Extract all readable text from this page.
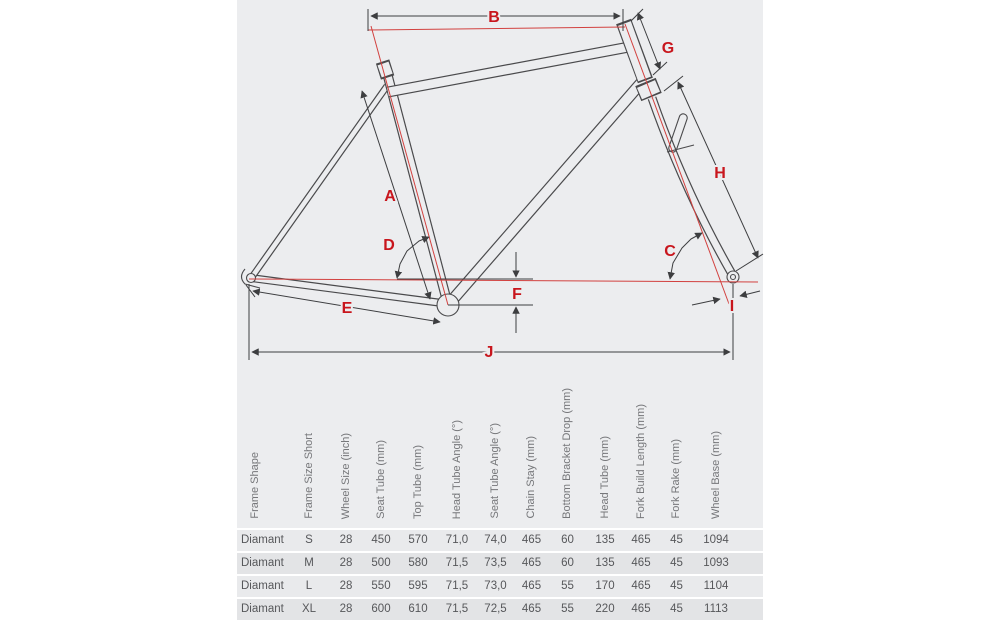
A
B
C
D
E
F
G
H
I
J
Frame Shape	Frame Size Short	Wheel Size (inch)	Seat Tube (mm)	Top Tube (mm)	Head Tube Angle (°)	Seat Tube Angle (°)	Chain Stay (mm)	Bottom Bracket Drop (mm)	Head Tube (mm)	Fork Build Length (mm)	Fork Rake (mm)	Wheel Base (mm)	
Diamant	S	28	450	570	71,0	74,0	465	60	135	465	45	1094	
Diamant	M	28	500	580	71,5	73,5	465	60	135	465	45	1093	
Diamant	L	28	550	595	71,5	73,0	465	55	170	465	45	1104	
Diamant	XL	28	600	610	71,5	72,5	465	55	220	465	45	1113	
